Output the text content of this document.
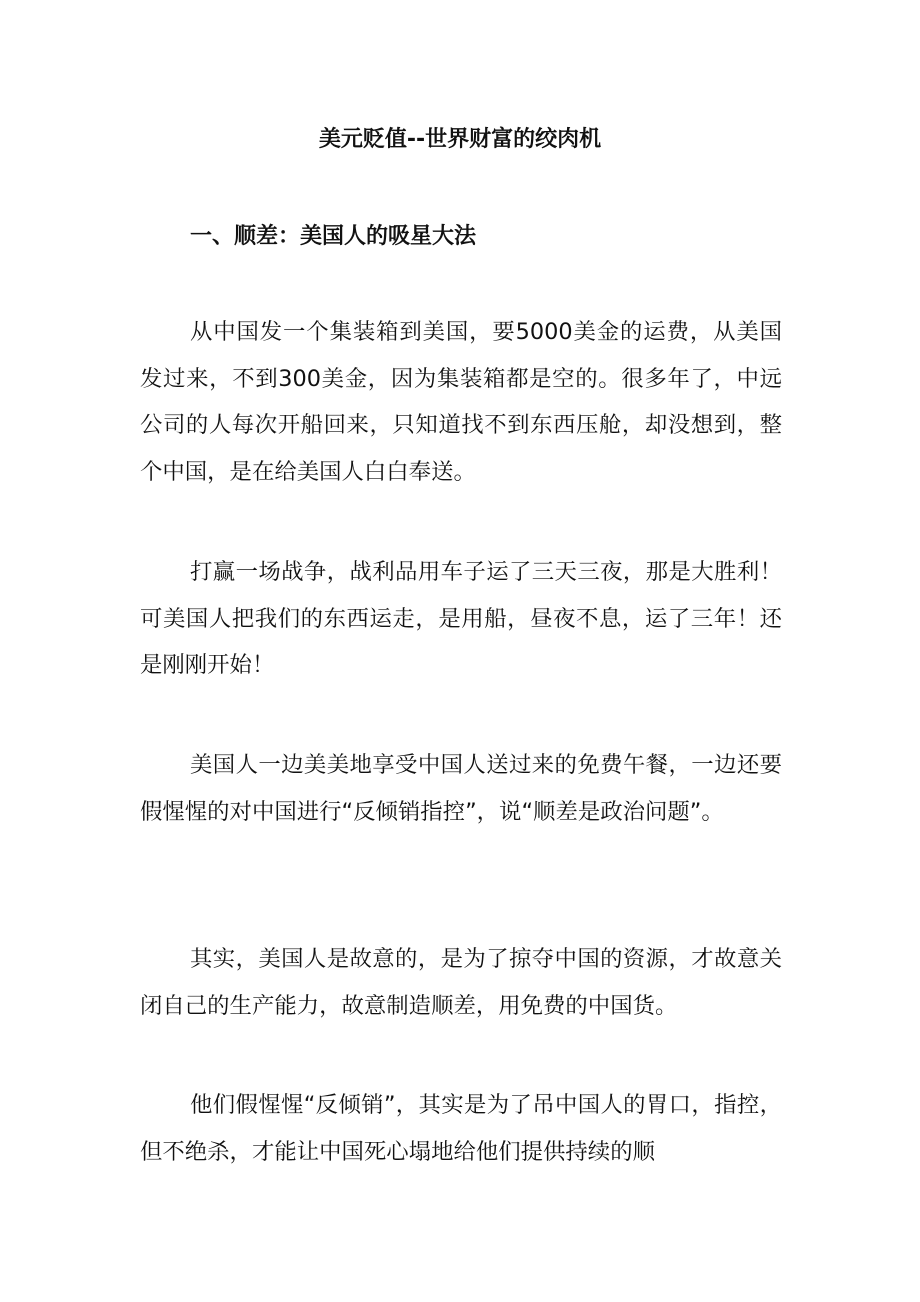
美元贬值--世界财富的绞肉机
一、顺差：美国人的吸星大法

从中国发一个集装箱到美国，要5000美金的运费，从美国发过来，不到300美金，因为集装箱都是空的。很多年了，中远公司的人每次开船回来，只知道找不到东西压舱，却没想到，整个中国，是在给美国人白白奉送。

打赢一场战争，战利品用车子运了三天三夜，那是大胜利！可美国人把我们的东西运走，是用船，昼夜不息，运了三年！还是刚刚开始！

美国人一边美美地享受中国人送过来的免费午餐，一边还要假惺惺的对中国进行“反倾销指控”，说“顺差是政治问题”。

其实，美国人是故意的，是为了掠夺中国的资源，才故意关闭自己的生产能力，故意制造顺差，用免费的中国货。

他们假惺惺“反倾销”，其实是为了吊中国人的胃口，指控，但不绝杀，才能让中国死心塌地给他们提供持续的顺
